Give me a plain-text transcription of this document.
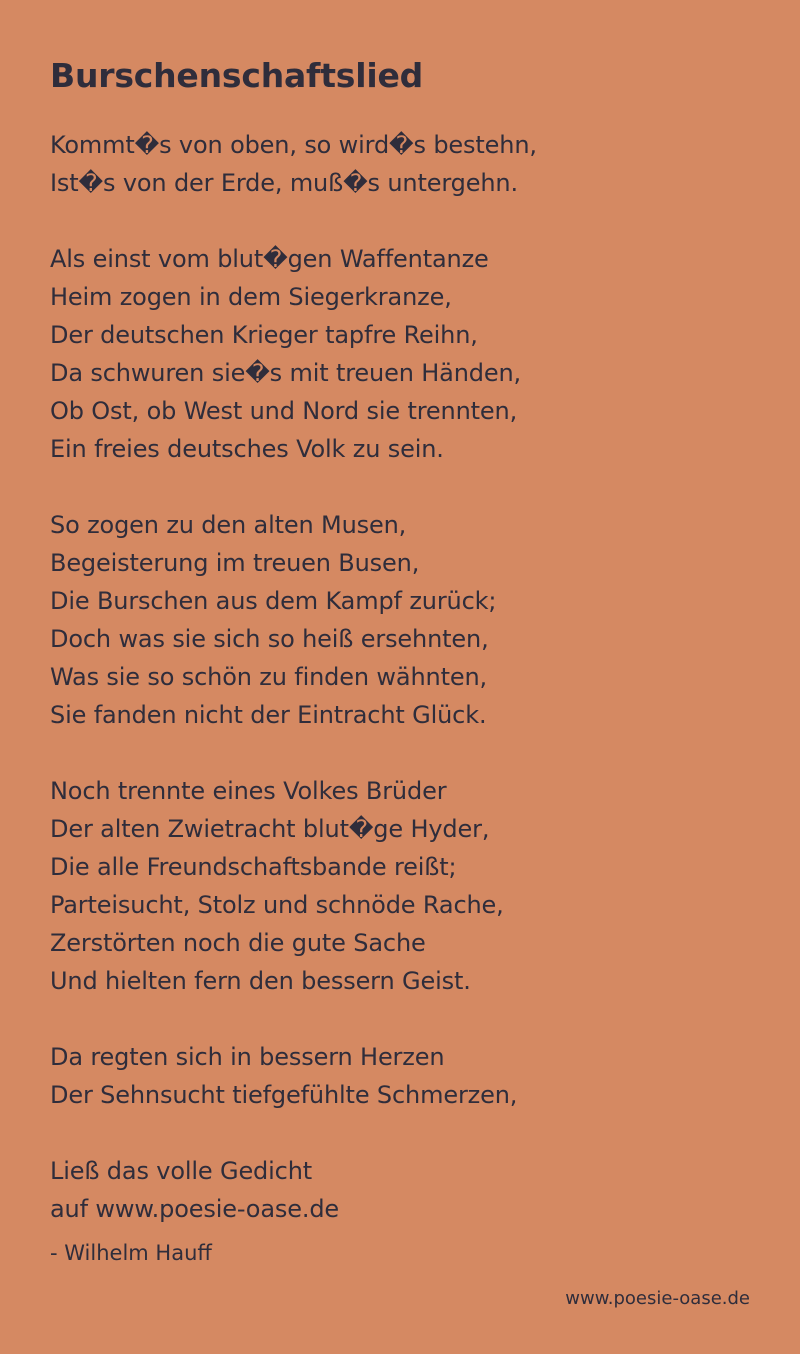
Burschenschaftslied
Kommt�s von oben, so wird�s bestehn,
Ist�s von der Erde, muß�s untergehn.
Als einst vom blut�gen Waffentanze
Heim zogen in dem Siegerkranze,
Der deutschen Krieger tapfre Reihn,
Da schwuren sie�s mit treuen Händen,
Ob Ost, ob West und Nord sie trennten,
Ein freies deutsches Volk zu sein.
So zogen zu den alten Musen,
Begeisterung im treuen Busen,
Die Burschen aus dem Kampf zurück;
Doch was sie sich so heiß ersehnten,
Was sie so schön zu finden wähnten,
Sie fanden nicht der Eintracht Glück.
Noch trennte eines Volkes Brüder
Der alten Zwietracht blut�ge Hyder,
Die alle Freundschaftsbande reißt;
Parteisucht, Stolz und schnöde Rache,
Zerstörten noch die gute Sache
Und hielten fern den bessern Geist.
Da regten sich in bessern Herzen
Der Sehnsucht tiefgefühlte Schmerzen,
Ließ das volle Gedicht
auf www.poesie-oase.de
- Wilhelm Hauff
www.poesie-oase.de
